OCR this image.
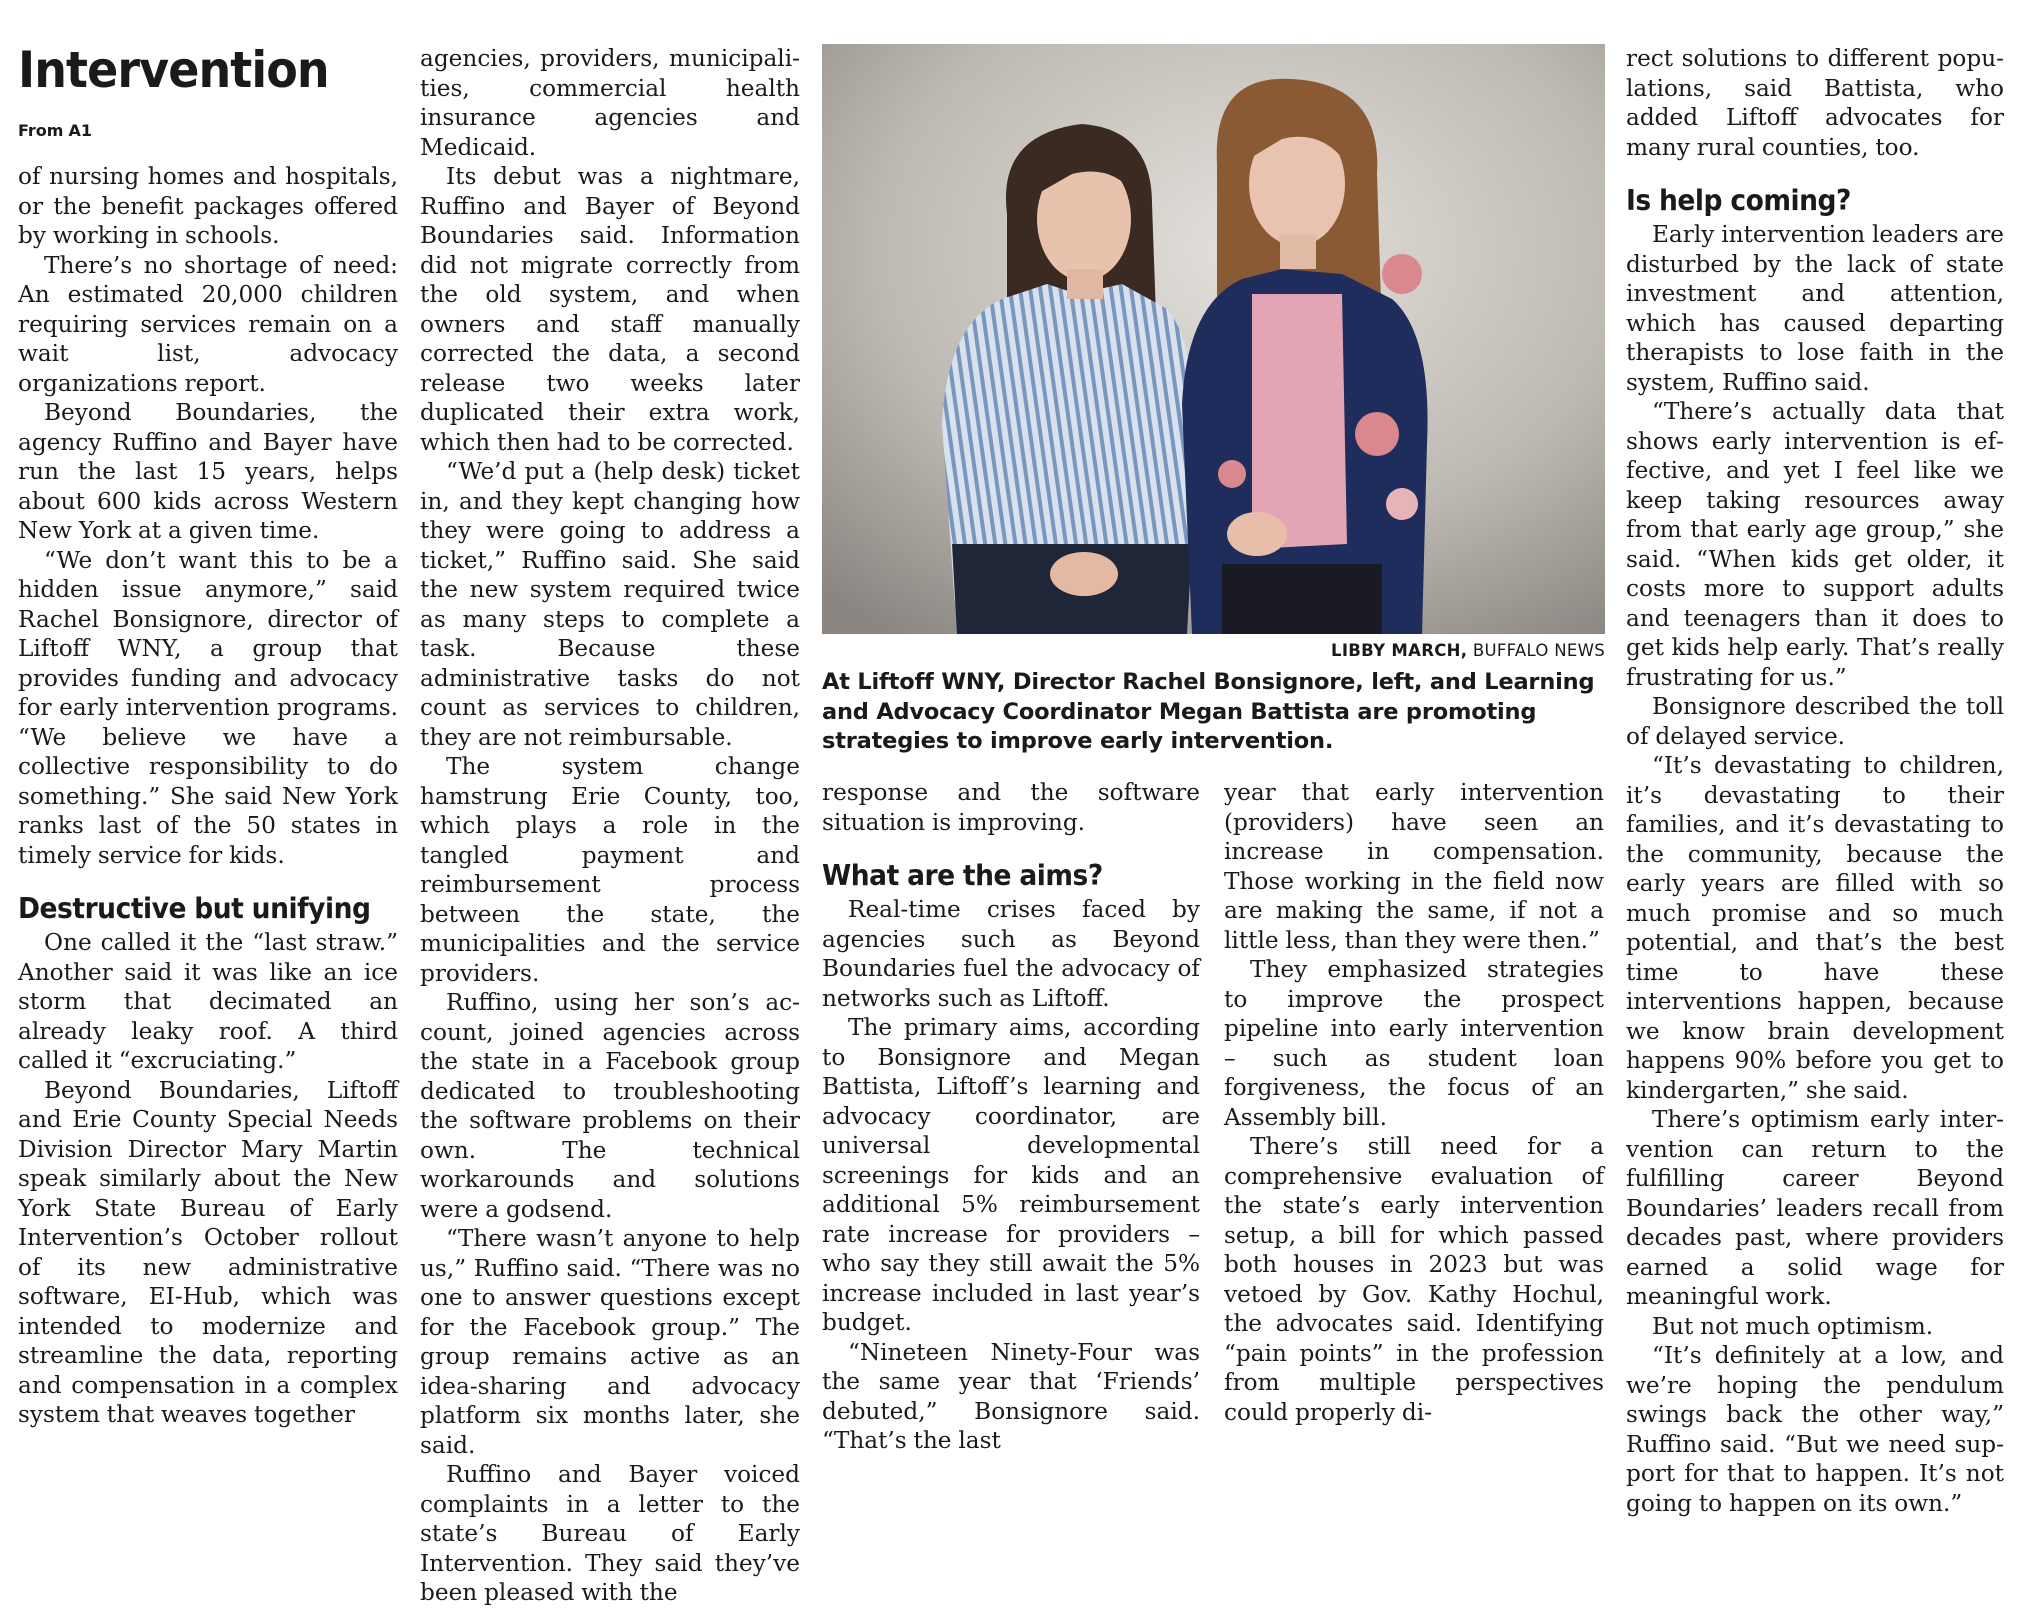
Intervention
From A1

of nursing homes and hospitals, or the benefit packages offered by working in schools.

There’s no shortage of need: An estimated 20,000 children requiring services remain on a wait list, advocacy organizations report.

Beyond Boundaries, the agency Ruffino and Bayer have run the last 15 years, helps about 600 kids across Western New York at a given time.

“We don’t want this to be a hidden issue anymore,” said Rachel Bonsignore, director of Liftoff WNY, a group that provides funding and advocacy for early intervention programs. “We believe we have a collective responsibility to do something.” She said New York ranks last of the 50 states in timely service for kids.

Destructive but unifying

One called it the “last straw.” Another said it was like an ice storm that decimated an already leaky roof. A third called it “excruciating.”

Beyond Boundaries, Liftoff and Erie County Special Needs Division Director Mary Martin speak similarly about the New York State Bureau of Early Intervention’s October rollout of its new administrative software, EI-Hub, which was intended to modernize and streamline the data, reporting and compensation in a complex system that weaves together

agencies, providers, municipalities, commercial health insurance agencies and Medicaid.

Its debut was a nightmare, Ruffino and Bayer of Beyond Boundaries said. Information did not migrate correctly from the old system, and when owners and staff manually corrected the data, a second release two weeks later duplicated their extra work, which then had to be corrected.

“We’d put a (help desk) ticket in, and they kept changing how they were going to address a ticket,” Ruffino said. She said the new system required twice as many steps to complete a task. Because these administrative tasks do not count as services to children, they are not reimbursable.

The system change hamstrung Erie County, too, which plays a role in the tangled payment and reimbursement process between the state, the municipalities and the service providers.

Ruffino, using her son’s account, joined agencies across the state in a Facebook group dedicated to troubleshooting the software problems on their own. The technical workarounds and solutions were a godsend.

“There wasn’t anyone to help us,” Ruffino said. “There was no one to answer questions except for the Facebook group.” The group remains active as an idea-sharing and advocacy platform six months later, she said.

Ruffino and Bayer voiced complaints in a letter to the state’s Bureau of Early Intervention. They said they’ve been pleased with the

LIBBY MARCH, BUFFALO NEWS
At Liftoff WNY, Director Rachel Bonsignore, left, and Learning and Advocacy Coordinator Megan Battista are promoting strategies to improve early intervention.

response and the software situation is improving.

What are the aims?

Real-time crises faced by agencies such as Beyond Boundaries fuel the advocacy of networks such as Liftoff.

The primary aims, according to Bonsignore and Megan Battista, Liftoff’s learning and advocacy coordinator, are universal developmental screenings for kids and an additional 5% reimbursement rate increase for providers – who say they still await the 5% increase included in last year’s budget.

“Nineteen Ninety-Four was the same year that ‘Friends’ debuted,” Bonsignore said. “That’s the last

year that early intervention (providers) have seen an increase in compensation. Those working in the field now are making the same, if not a little less, than they were then.”

They emphasized strategies to improve the prospect pipeline into early intervention – such as student loan forgiveness, the focus of an Assembly bill.

There’s still need for a comprehensive evaluation of the state’s early intervention setup, a bill for which passed both houses in 2023 but was vetoed by Gov. Kathy Hochul, the advocates said. Identifying “pain points” in the profession from multiple perspectives could properly di-

rect solutions to different populations, said Battista, who added Liftoff advocates for many rural counties, too.

Is help coming?

Early intervention leaders are disturbed by the lack of state investment and attention, which has caused departing therapists to lose faith in the system, Ruffino said.

“There’s actually data that shows early intervention is effective, and yet I feel like we keep taking resources away from that early age group,” she said. “When kids get older, it costs more to support adults and teenagers than it does to get kids help early. That’s really frustrating for us.”

Bonsignore described the toll of delayed service.

“It’s devastating to children, it’s devastating to their families, and it’s devastating to the community, because the early years are filled with so much promise and so much potential, and that’s the best time to have these interventions happen, because we know brain development happens 90% before you get to kindergarten,” she said.

There’s optimism early intervention can return to the fulfilling career Beyond Boundaries’ leaders recall from decades past, where providers earned a solid wage for meaningful work.

But not much optimism.

“It’s definitely at a low, and we’re hoping the pendulum swings back the other way,” Ruffino said. “But we need support for that to happen. It’s not going to happen on its own.”
